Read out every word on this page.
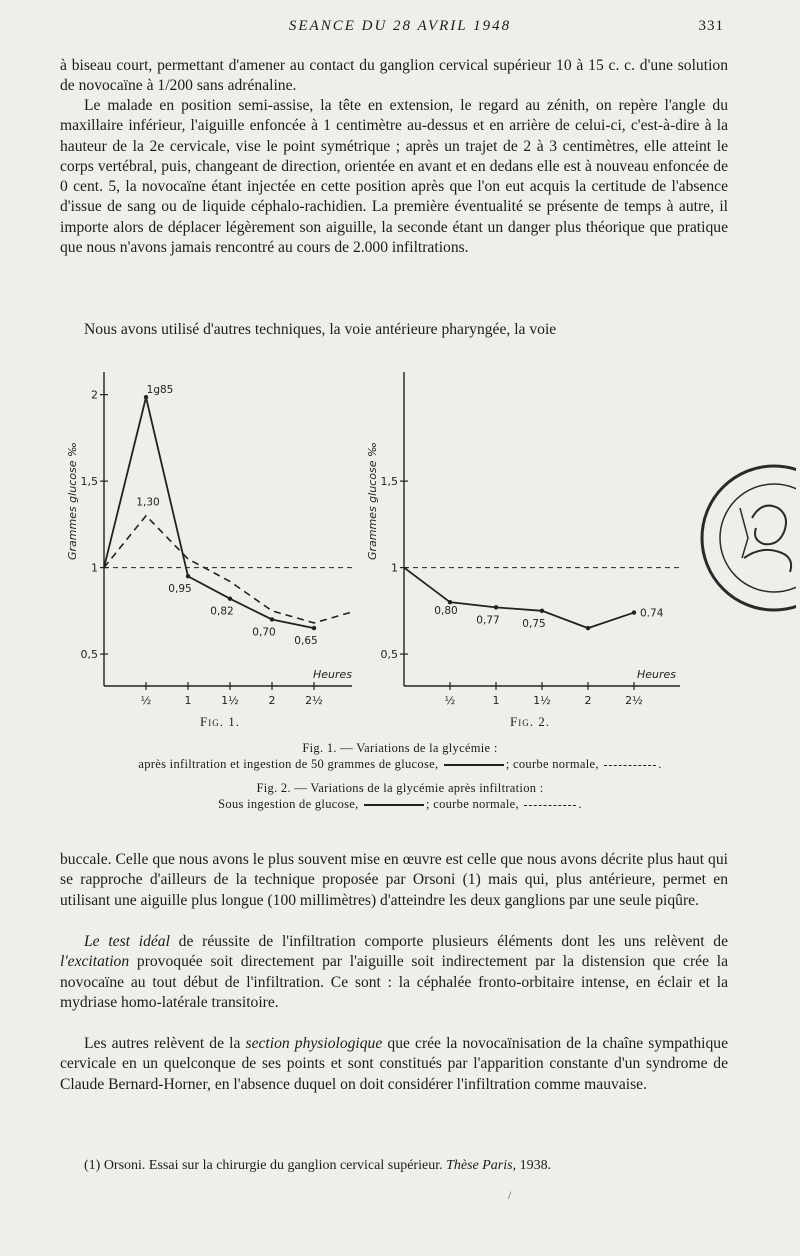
SEANCE DU 28 AVRIL 1948	331

à biseau court, permettant d'amener au contact du ganglion cervical supérieur 10 à 15 c. c. d'une solution de novocaïne à 1/200 sans adrénaline.

Le malade en position semi-assise, la tête en extension, le regard au zénith, on repère l'angle du maxillaire inférieur, l'aiguille enfoncée à 1 centimètre au-dessus et en arrière de celui-ci, c'est-à-dire à la hauteur de la 2e cervicale, vise le point symétrique ; après un trajet de 2 à 3 centimètres, elle atteint le corps vertébral, puis, changeant de direction, orientée en avant et en dedans elle est à nouveau enfoncée de 0 cent. 5, la novocaïne étant injectée en cette position après que l'on eut acquis la certitude de l'absence d'issue de sang ou de liquide céphalo-rachidien. La première éventualité se présente de temps à autre, il importe alors de déplacer légèrement son aiguille, la seconde étant un danger plus théorique que pratique que nous n'avons jamais rencontré au cours de 2.000 infiltrations.

Nous avons utilisé d'autres techniques, la voie antérieure pharyngée, la voie

0,5
1
1,5
2
½	1	1½	2	2½
Heures
Grammes glucose ‰
1g85
0,95
0,82
0,70
0,65
1,30
0,5
1
1,5
½	1	1½	2	2½
Heures
Grammes glucose ‰
0,80
0,77 0,75
0.74
Fig. 1.	Fig. 2.
Fig. 1. — Variations de la glycémie :
après infiltration et ingestion de 50 grammes de glucose,	; courbe normale,	.
Fig. 2. — Variations de la glycémie après infiltration :
Sous ingestion de glucose,	; courbe normale,	.

buccale. Celle que nous avons le plus souvent mise en œuvre est celle que nous avons décrite plus haut qui se rapproche d'ailleurs de la technique proposée par Orsoni (1) mais qui, plus antérieure, permet en utilisant une aiguille plus longue (100 millimètres) d'atteindre les deux ganglions par une seule piqûre.

Le test idéal de réussite de l'infiltration comporte plusieurs éléments dont les uns relèvent de l'excitation provoquée soit directement par l'aiguille soit indirectement par la distension que crée la novocaïne au tout début de l'infiltration. Ce sont : la céphalée fronto-orbitaire intense, en éclair et la mydriase homo-latérale transitoire.

Les autres relèvent de la section physiologique que crée la novocaïnisation de la chaîne sympathique cervicale en un quelconque de ses points et sont constitués par l'apparition constante d'un syndrome de Claude Bernard-Horner, en l'absence duquel on doit considérer l'infiltration comme mauvaise.

(1) Orsoni. Essai sur la chirurgie du ganglion cervical supérieur. Thèse Paris, 1938.
/
